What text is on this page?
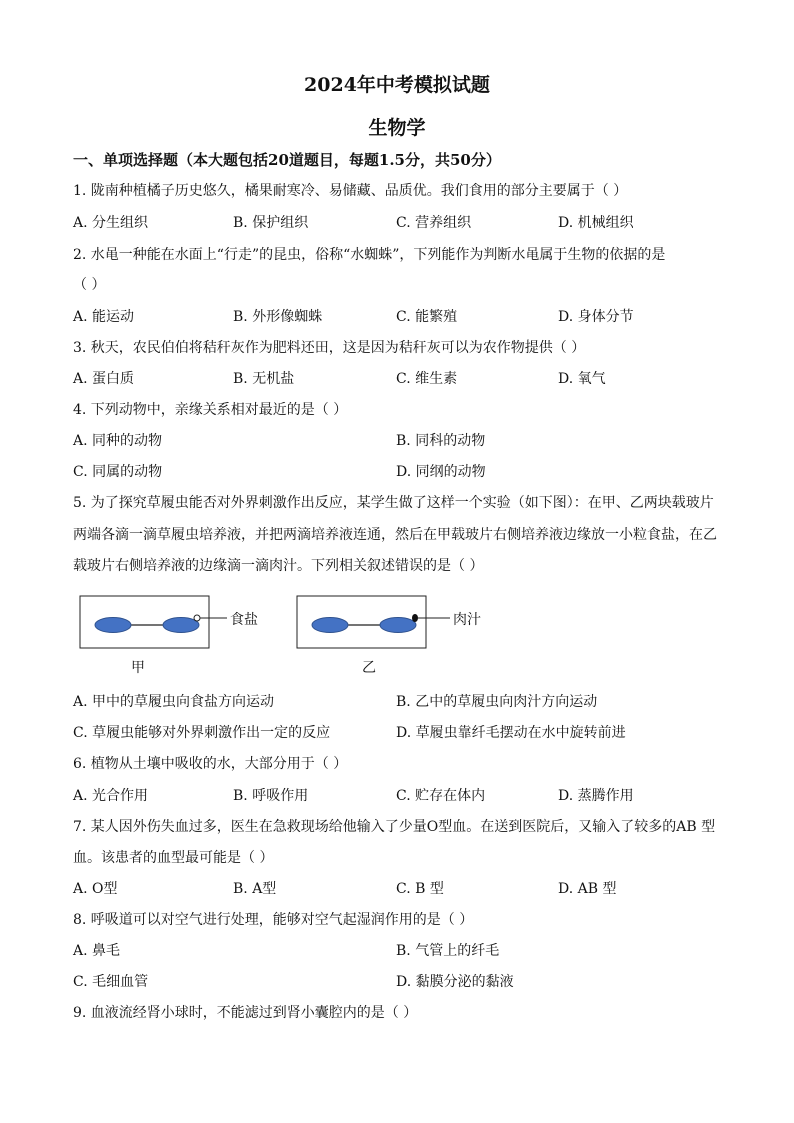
2024年中考模拟试题
生物学
一、单项选择题（本大题包括20道题目，每题1.5分，共50分）
1. 陇南种植橘子历史悠久，橘果耐寒冷、易储藏、品质优。我们食用的部分主要属于（ ）
A. 分生组织	B. 保护组织	C. 营养组织	D. 机械组织
2. 水黾一种能在水面上“行走”的昆虫，俗称“水蜘蛛”，下列能作为判断水黾属于生物的依据的是
（ ）
A. 能运动	B. 外形像蜘蛛	C. 能繁殖	D. 身体分节
3. 秋天，农民伯伯将秸秆灰作为肥料还田，这是因为秸秆灰可以为农作物提供（ ）
A. 蛋白质	B. 无机盐	C. 维生素	D. 氧气
4. 下列动物中，亲缘关系相对最近的是（ ）
A. 同种的动物	B. 同科的动物
C. 同属的动物	D. 同纲的动物
5. 为了探究草履虫能否对外界刺激作出反应，某学生做了这样一个实验（如下图）：在甲、乙两块载玻片
两端各滴一滴草履虫培养液，并把两滴培养液连通，然后在甲载玻片右侧培养液边缘放一小粒食盐，在乙
载玻片右侧培养液的边缘滴一滴肉汁。下列相关叙述错误的是（ ）
食盐	肉汁
甲	乙
A. 甲中的草履虫向食盐方向运动	B. 乙中的草履虫向肉汁方向运动
C. 草履虫能够对外界刺激作出一定的反应	D. 草履虫靠纤毛摆动在水中旋转前进
6. 植物从土壤中吸收的水，大部分用于（ ）
A. 光合作用	B. 呼吸作用	C. 贮存在体内	D. 蒸腾作用
7. 某人因外伤失血过多，医生在急救现场给他输入了少量O型血。在送到医院后，又输入了较多的AB 型
血。该患者的血型最可能是（ ）
A. O型	B. A型	C. B 型	D. AB 型
8. 呼吸道可以对空气进行处理，能够对空气起湿润作用的是（ ）
A. 鼻毛	B. 气管上的纤毛
C. 毛细血管	D. 黏膜分泌的黏液
9. 血液流经肾小球时，不能滤过到肾小囊腔内的是（ ）
